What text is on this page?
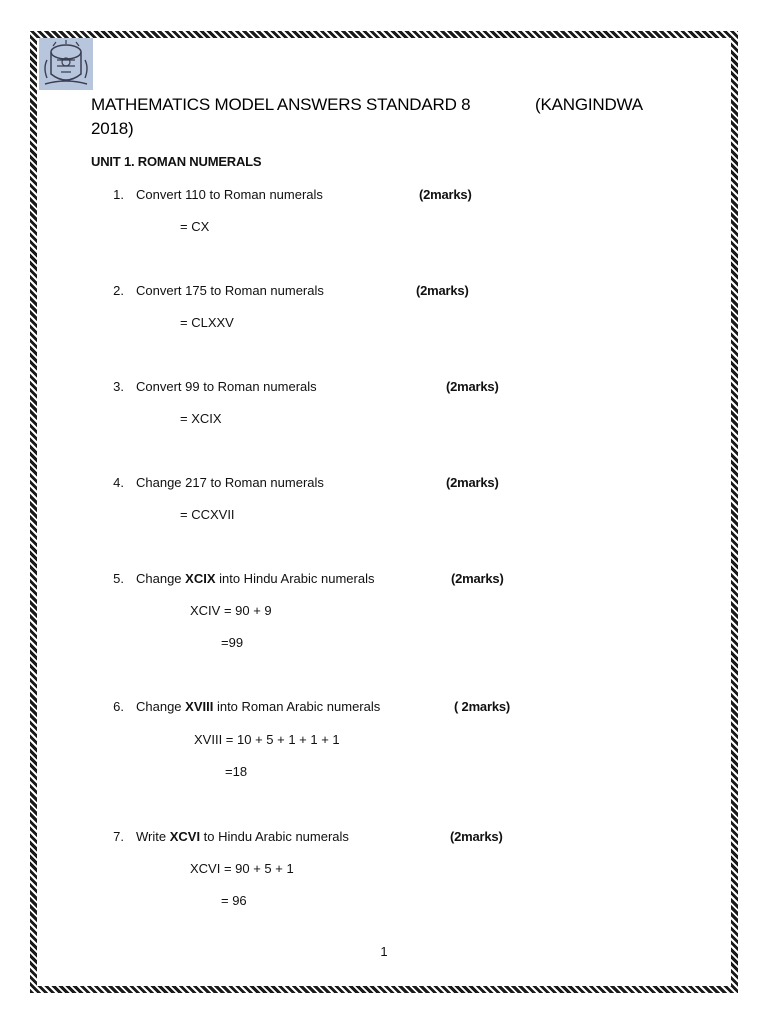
MATHEMATICS MODEL ANSWERS STANDARD 8	(KANGINDWA

2018)
UNIT 1. ROMAN NUMERALS
1. Convert 110 to Roman numerals	(2marks)
= CX
2. Convert 175 to Roman numerals	(2marks)
= CLXXV
3. Convert 99 to Roman numerals	(2marks)
= XCIX
4. Change 217 to Roman numerals	(2marks)
= CCXVII
5. Change XCIX into Hindu Arabic numerals	(2marks)
XCIV = 90 + 9
=99
6. Change XVIII into Roman Arabic numerals	( 2marks)
XVIII = 10 + 5 + 1 + 1 + 1
=18
7. Write XCVI to Hindu Arabic numerals	(2marks)
XCVI = 90 + 5 + 1
= 96
1
